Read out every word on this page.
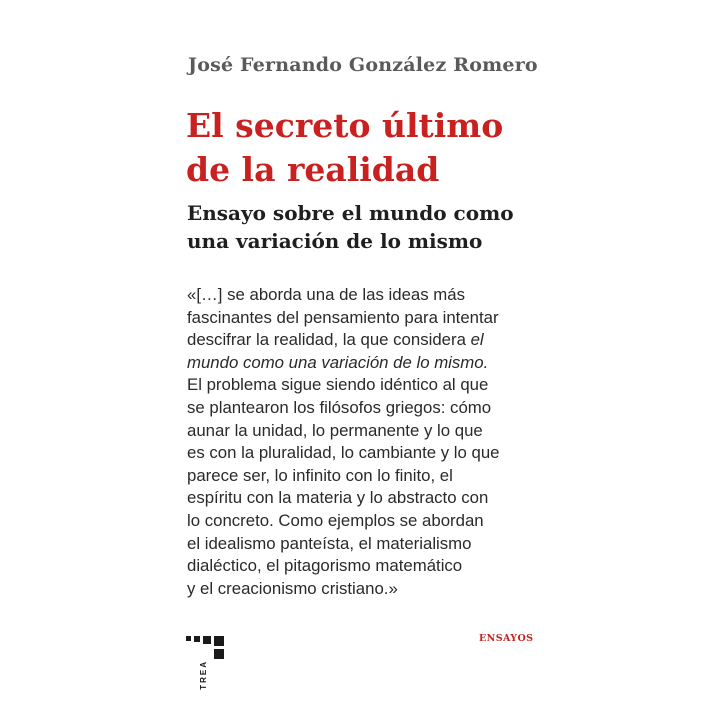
José Fernando González Romero
El secreto último
de la realidad
Ensayo sobre el mundo como
una variación de lo mismo
«[…] se aborda una de las ideas más
fascinantes del pensamiento para intentar
descifrar la realidad, la que considera el
mundo como una variación de lo mismo.
El problema sigue siendo idéntico al que
se plantearon los filósofos griegos: cómo
aunar la unidad, lo permanente y lo que
es con la pluralidad, lo cambiante y lo que
parece ser, lo infinito con lo finito, el
espíritu con la materia y lo abstracto con
lo concreto. Como ejemplos se abordan
el idealismo panteísta, el materialismo
dialéctico, el pitagorismo matemático
y el creacionismo cristiano.»
TREA
ENSAYOS
